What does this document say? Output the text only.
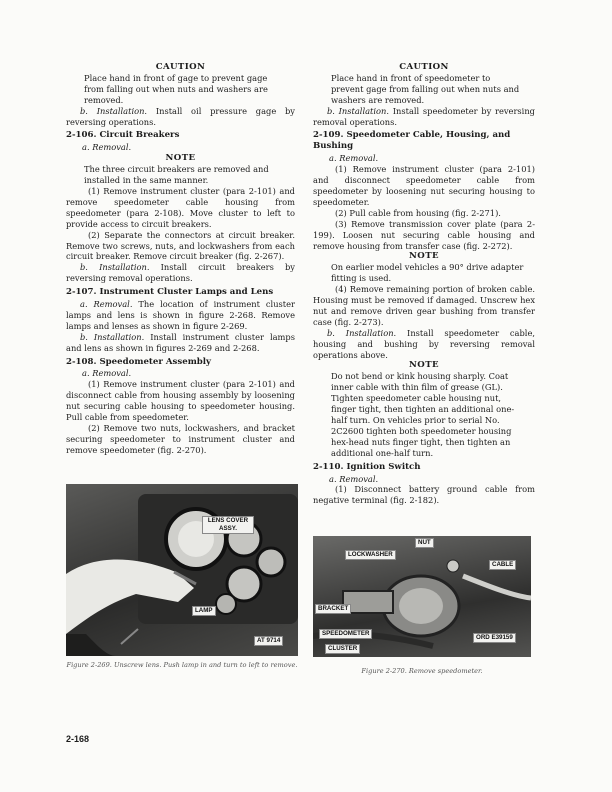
CAUTION

Place hand in front of gage to prevent gage from falling out when nuts and washers are removed.

b. Installation. Install oil pressure gage by reversing operations.

2-106. Circuit Breakers

a. Removal.

NOTE

The three circuit breakers are removed and installed in the same manner.

(1) Remove instrument cluster (para 2-101) and remove speedometer cable housing from speedometer (para 2-108). Move cluster to left to provide access to circuit breakers.

(2) Separate the connectors at circuit breaker. Remove two screws, nuts, and lockwashers from each circuit breaker. Remove circuit breaker (fig. 2-267).

b. Installation. Install circuit breakers by reversing removal operations.

2-107. Instrument Cluster Lamps and Lens

a. Removal. The location of instrument cluster lamps and lens is shown in figure 2-268. Remove lamps and lenses as shown in figure 2-269.

b. Installation. Install instrument cluster lamps and lens as shown in figures 2-269 and 2-268.

2-108. Speedometer Assembly

a. Removal.

(1) Remove instrument cluster (para 2-101) and disconnect cable from housing assembly by loosening nut securing cable housing to speedometer housing. Pull cable from speedometer.

(2) Remove two nuts, lockwashers, and bracket securing speedometer to instrument cluster and remove speedometer (fig. 2-270).

CAUTION

Place hand in front of speedometer to prevent gage from falling out when nuts and washers are removed.

b. Installation. Install speedometer by reversing removal operations.

2-109. Speedometer Cable, Housing, and Bushing

a. Removal.

(1) Remove instrument cluster (para 2-101) and disconnect speedometer cable from speedometer by loosening nut securing housing to speedometer.

(2) Pull cable from housing (fig. 2-271).

(3) Remove transmission cover plate (para 2-199). Loosen nut securing cable housing and remove housing from transfer case (fig. 2-272).

NOTE

On earlier model vehicles a 90° drive adapter fitting is used.

(4) Remove remaining portion of broken cable. Housing must be removed if damaged. Unscrew hex nut and remove driven gear bushing from transfer case (fig. 2-273).

b. Installation. Install speedometer cable, housing and bushing by reversing removal operations above.

NOTE

Do not bend or kink housing sharply. Coat inner cable with thin film of grease (GL). Tighten speedometer cable housing nut, finger tight, then tighten an additional one-half turn. On vehicles prior to serial No. 2C2600 tighten both speedometer housing hex-head nuts finger tight, then tighten an additional one-half turn.

2-110. Ignition Switch

a. Removal.

(1) Disconnect battery ground cable from negative terminal (fig. 2-182).

LENS COVER ASSY.
LAMP
AT 9714
Figure 2-269. Unscrew lens. Push lamp in and turn to left to remove.
NUT
LOCKWASHER
CABLE
BRACKET
SPEEDOMETER
CLUSTER
ORD E39159
Figure 2-270. Remove speedometer.
2-168
